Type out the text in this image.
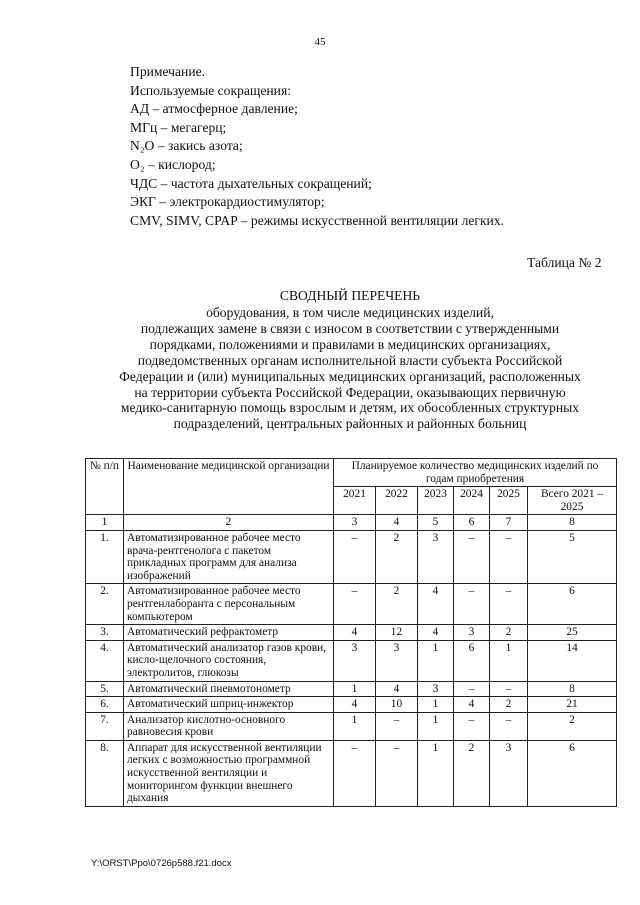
45
Примечание.
Используемые сокращения:
АД – атмосферное давление;
МГц – мегагерц;
N₂O – закись азота;
O₂ – кислород;
ЧДС – частота дыхательных сокращений;
ЭКГ – электрокардиостимулятор;
CMV, SIMV, CPAP – режимы искусственной вентиляции легких.
Таблица № 2
СВОДНЫЙ ПЕРЕЧЕНЬ
оборудования, в том числе медицинских изделий,
подлежащих замене в связи с износом в соответствии с утвержденными
порядками, положениями и правилами в медицинских организациях,
подведомственных органам исполнительной власти субъекта Российской
Федерации и (или) муниципальных медицинских организаций, расположенных
на территории субъекта Российской Федерации, оказывающих первичную
медико-санитарную помощь взрослым и детям, их обособленных структурных
подразделений, центральных районных и районных больниц
№ п/п	Наименование медицинской организации	Планируемое количество медицинских изделий по годам приобретения					
		2021	2022	2023	2024	2025	Всего 2021 – 2025
1	2	3	4	5	6	7	8
1.	Автоматизированное рабочее место врача-рентгенолога с пакетом прикладных программ для анализа изображений	–	2	3	–	–	5
2.	Автоматизированное рабочее место рентгенлаборанта с персональным компьютером	–	2	4	–	–	6
3.	Автоматический рефрактометр	4	12	4	3	2	25
4.	Автоматический анализатор газов крови, кисло-щелочного состояния, электролитов, глюкозы	3	3	1	6	1	14
5.	Автоматический пневмотонометр	1	4	3	–	–	8
6.	Автоматический шприц-инжектор	4	10	1	4	2	21
7.	Анализатор кислотно-основного равновесия крови	1	–	1	–	–	2
8.	Аппарат для искусственной вентиляции легких с возможностью программной искусственной вентиляции и мониторингом функции внешнего дыхания	–	–	1	2	3	6
Y:\ORST\Ppo\0726p588.f21.docx
